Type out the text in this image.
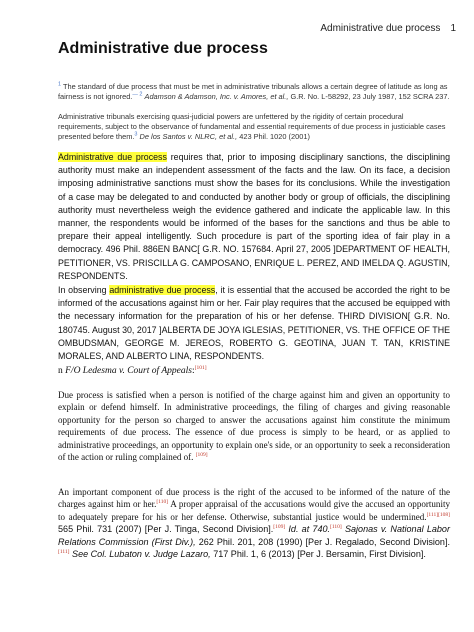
Administrative due process 1
Administrative due process
$^1$ The standard of due process that must be met in administrative tribunals allows a certain degree of latitude as long as fairness is not ignored.$^{— 2}$ Adamson & Adamson, Inc. v. Amores, et al., G.R. No. L-58292, 23 July 1987, 152 SCRA 237.
Administrative tribunals exercising quasi-judicial powers are unfettered by the rigidity of certain procedural requirements, subject to the observance of fundamental and essential requirements of due process in justiciable cases presented before them.$^3$ De los Santos v. NLRC, et al., 423 Phil. 1020 (2001)
Administrative due process requires that, prior to imposing disciplinary sanctions, the disciplining authority must make an independent assessment of the facts and the law. On its face, a decision imposing administrative sanctions must show the bases for its conclusions. While the investigation of a case may be delegated to and conducted by another body or group of officials, the disciplining authority must nevertheless weigh the evidence gathered and indicate the applicable law. In this manner, the respondents would be informed of the bases for the sanctions and thus be able to prepare their appeal intelligently. Such procedure is part of the sporting idea of fair play in a democracy. 496 Phil. 886EN BANC[ G.R. NO. 157684. April 27, 2005 ]DEPARTMENT OF HEALTH, PETITIONER, VS. PRISCILLA G. CAMPOSANO, ENRIQUE L. PEREZ, AND IMELDA Q. AGUSTIN, RESPONDENTS.
In observing administrative due process, it is essential that the accused be accorded the right to be informed of the accusations against him or her. Fair play requires that the accused be equipped with the necessary information for the preparation of his or her defense. THIRD DIVISION[ G.R. No. 180745. August 30, 2017 ]ALBERTA DE JOYA IGLESIAS, PETITIONER, VS. THE OFFICE OF THE OMBUDSMAN, GEORGE M. JEREOS, ROBERTO G. GEOTINA, JUAN T. TAN, KRISTINE MORALES, AND ALBERTO LINA, RESPONDENTS.
n F/O Ledesma v. Court of Appeals:[101]
Due process is satisfied when a person is notified of the charge against him and given an opportunity to explain or defend himself. In administrative proceedings, the filing of charges and giving reasonable opportunity for the person so charged to answer the accusations against him constitute the minimum requirements of due process. The essence of due process is simply to be heard, or as applied to administrative proceedings, an opportunity to explain one's side, or an opportunity to seek a reconsideration of the action or ruling complained of. [109]
An important component of due process is the right of the accused to be informed of the nature of the charges against him or her.[110] A proper appraisal of the accusations would give the accused an opportunity to adequately prepare for his or her defense. Otherwise, substantial justice would be undermined.[111][108] 565 Phil. 731 (2007) [Per J. Tinga, Second Division].[109] Id. at 740.[110] Sajonas v. National Labor Relations Commission (First Div.), 262 Phil. 201, 208 (1990) [Per J. Regalado, Second Division].[111] See Col. Lubaton v. Judge Lazaro, 717 Phil. 1, 6 (2013) [Per J. Bersamin, First Division].
